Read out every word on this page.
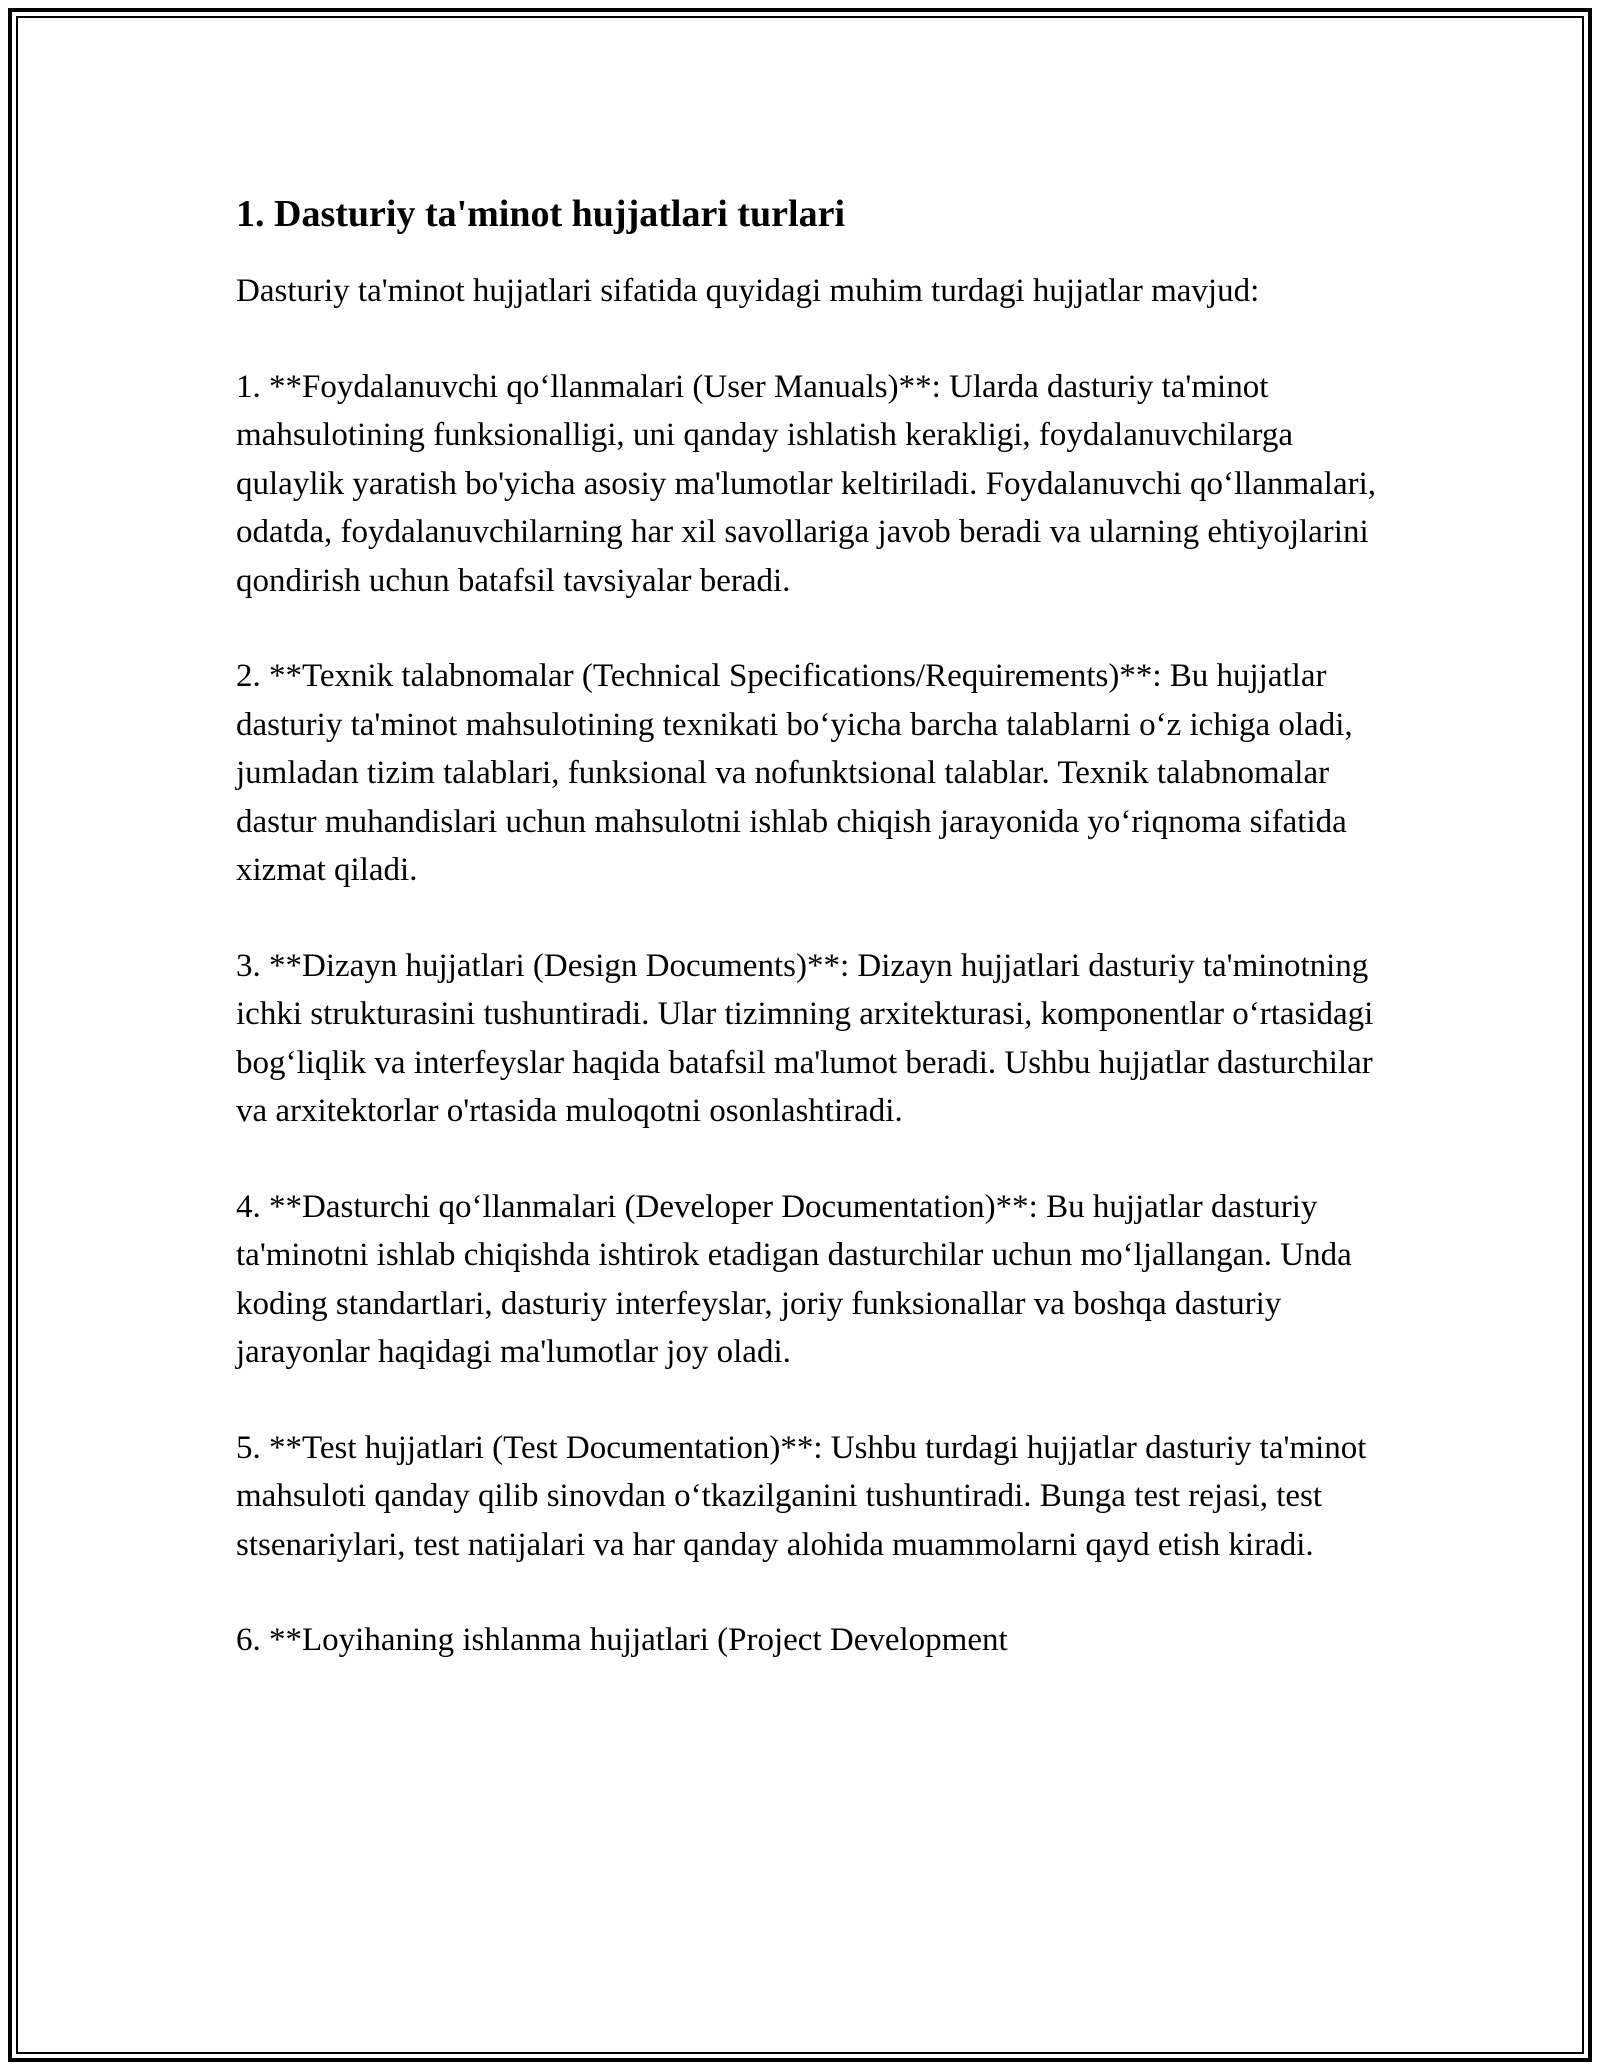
1. Dasturiy ta'minot hujjatlari turlari

Dasturiy ta'minot hujjatlari sifatida quyidagi muhim turdagi hujjatlar mavjud:

1. **Foydalanuvchi qo‘llanmalari (User Manuals)**: Ularda dasturiy ta'minot mahsulotining funksionalligi, uni qanday ishlatish kerakligi, foydalanuvchilarga qulaylik yaratish bo'yicha asosiy ma'lumotlar keltiriladi. Foydalanuvchi qo‘llanmalari, odatda, foydalanuvchilarning har xil savollariga javob beradi va ularning ehtiyojlarini qondirish uchun batafsil tavsiyalar beradi.

2. **Texnik talabnomalar (Technical Specifications/Requirements)**: Bu hujjatlar dasturiy ta'minot mahsulotining texnikati bo‘yicha barcha talablarni o‘z ichiga oladi, jumladan tizim talablari, funksional va nofunktsional talablar. Texnik talabnomalar dastur muhandislari uchun mahsulotni ishlab chiqish jarayonida yo‘riqnoma sifatida xizmat qiladi.

3. **Dizayn hujjatlari (Design Documents)**: Dizayn hujjatlari dasturiy ta'minotning ichki strukturasini tushuntiradi. Ular tizimning arxitekturasi, komponentlar o‘rtasidagi bog‘liqlik va interfeyslar haqida batafsil ma'lumot beradi. Ushbu hujjatlar dasturchilar va arxitektorlar o'rtasida muloqotni osonlashtiradi.

4. **Dasturchi qo‘llanmalari (Developer Documentation)**: Bu hujjatlar dasturiy ta'minotni ishlab chiqishda ishtirok etadigan dasturchilar uchun mo‘ljallangan. Unda koding standartlari, dasturiy interfeyslar, joriy funksionallar va boshqa dasturiy jarayonlar haqidagi ma'lumotlar joy oladi.

5. **Test hujjatlari (Test Documentation)**: Ushbu turdagi hujjatlar dasturiy ta'minot mahsuloti qanday qilib sinovdan o‘tkazilganini tushuntiradi. Bunga test rejasi, test stsenariylari, test natijalari va har qanday alohida muammolarni qayd etish kiradi.

6. **Loyihaning ishlanma hujjatlari (Project Development
